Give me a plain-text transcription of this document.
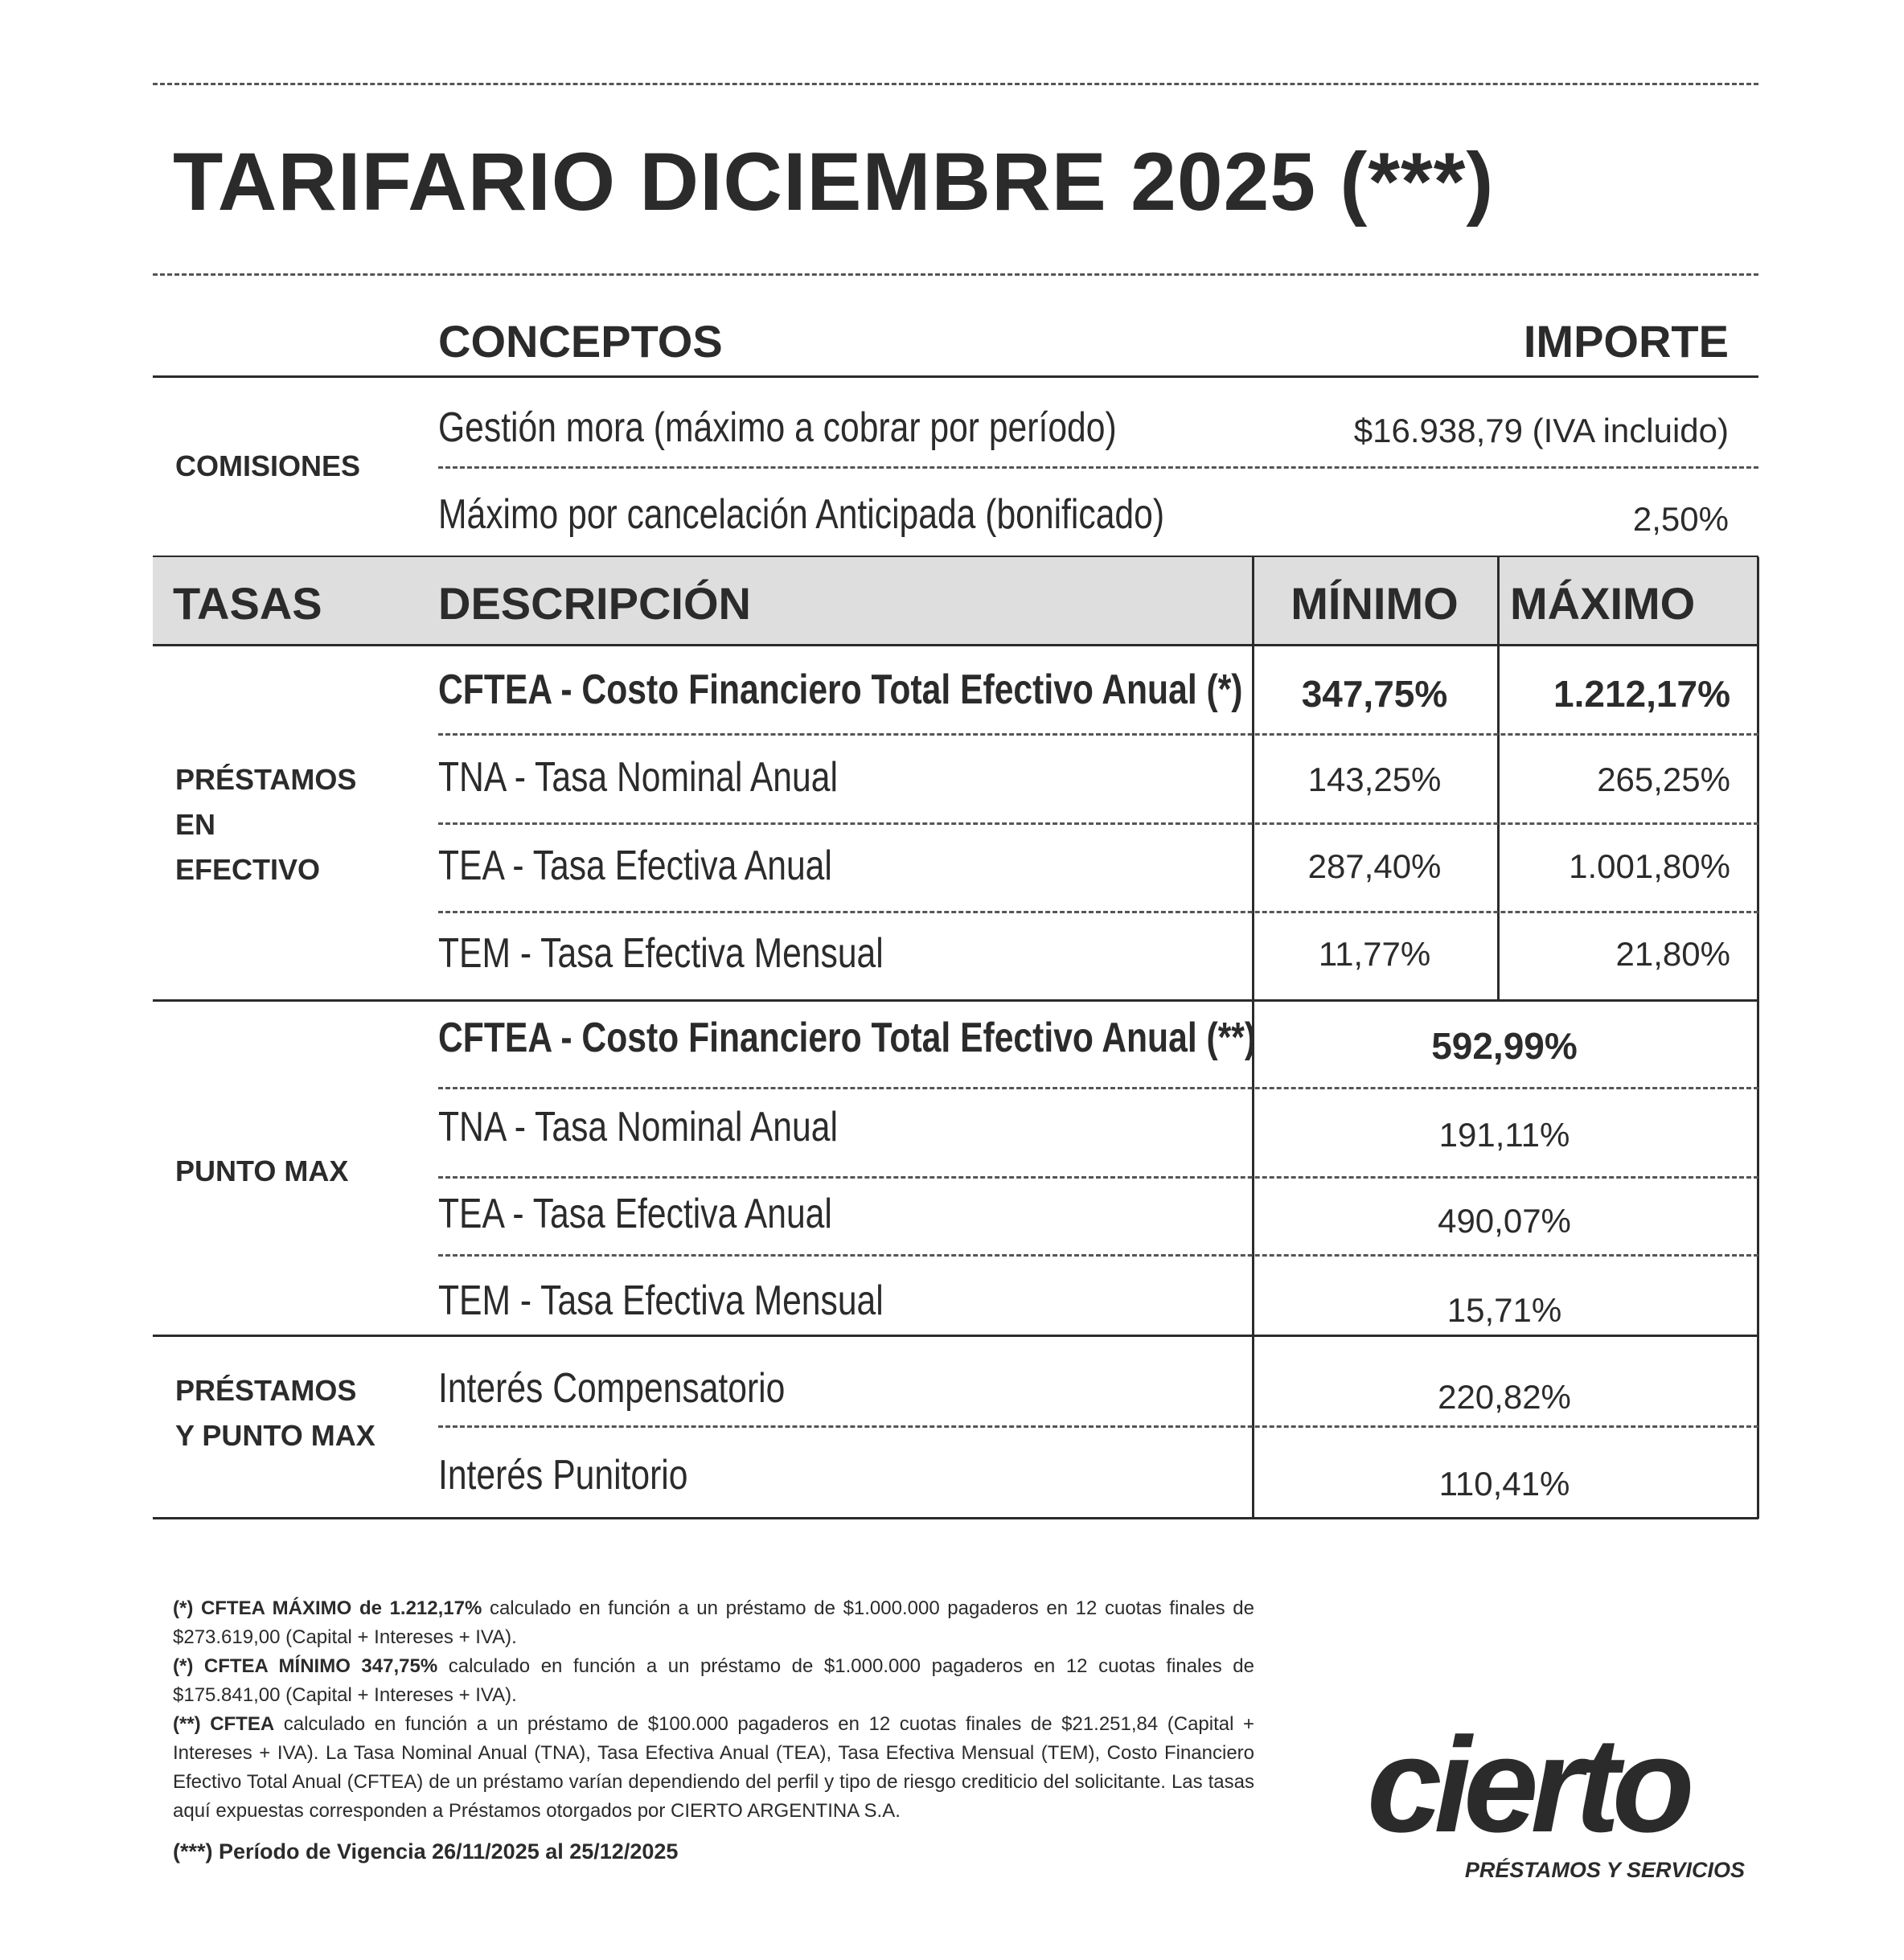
TARIFARIO DICIEMBRE 2025 (***)
CONCEPTOS	IMPORTE
COMISIONES
Gestión mora (máximo a cobrar por período)	$16.938,79 (IVA incluido)
Máximo por cancelación Anticipada (bonificado)	2,50%
TASAS	DESCRIPCIÓN	MÍNIMO	MÁXIMO
PRÉSTAMOS
EN
EFECTIVO
CFTEA - Costo Financiero Total Efectivo Anual (*)	347,75%	1.212,17%
TNA - Tasa Nominal Anual	143,25%	265,25%
TEA - Tasa Efectiva Anual	287,40%	1.001,80%
TEM - Tasa Efectiva Mensual	11,77%	21,80%
PUNTO MAX
CFTEA - Costo Financiero Total Efectivo Anual (**)	592,99%
TNA - Tasa Nominal Anual	191,11%
TEA - Tasa Efectiva Anual	490,07%
TEM - Tasa Efectiva Mensual	15,71%
PRÉSTAMOS
Y PUNTO MAX
Interés Compensatorio	220,82%
Interés Punitorio	110,41%

(*) CFTEA MÁXIMO de 1.212,17% calculado en función a un préstamo de $1.000.000 pagaderos en 12 cuotas finales de $273.619,00 (Capital + Intereses + IVA).

(*) CFTEA MÍNIMO 347,75% calculado en función a un préstamo de $1.000.000 pagaderos en 12 cuotas finales de $175.841,00 (Capital + Intereses + IVA).

(**) CFTEA calculado en función a un préstamo de $100.000 pagaderos en 12 cuotas finales de $21.251,84 (Capital + Intereses + IVA). La Tasa Nominal Anual (TNA), Tasa Efectiva Anual (TEA), Tasa Efectiva Mensual (TEM), Costo Financiero Efectivo Total Anual (CFTEA) de un préstamo varían dependiendo del perfil y tipo de riesgo crediticio del solicitante. Las tasas aquí expuestas corresponden a Préstamos otorgados por CIERTO ARGENTINA S.A.

(***) Período de Vigencia 26/11/2025 al 25/12/2025	cierto
PRÉSTAMOS Y SERVICIOS
